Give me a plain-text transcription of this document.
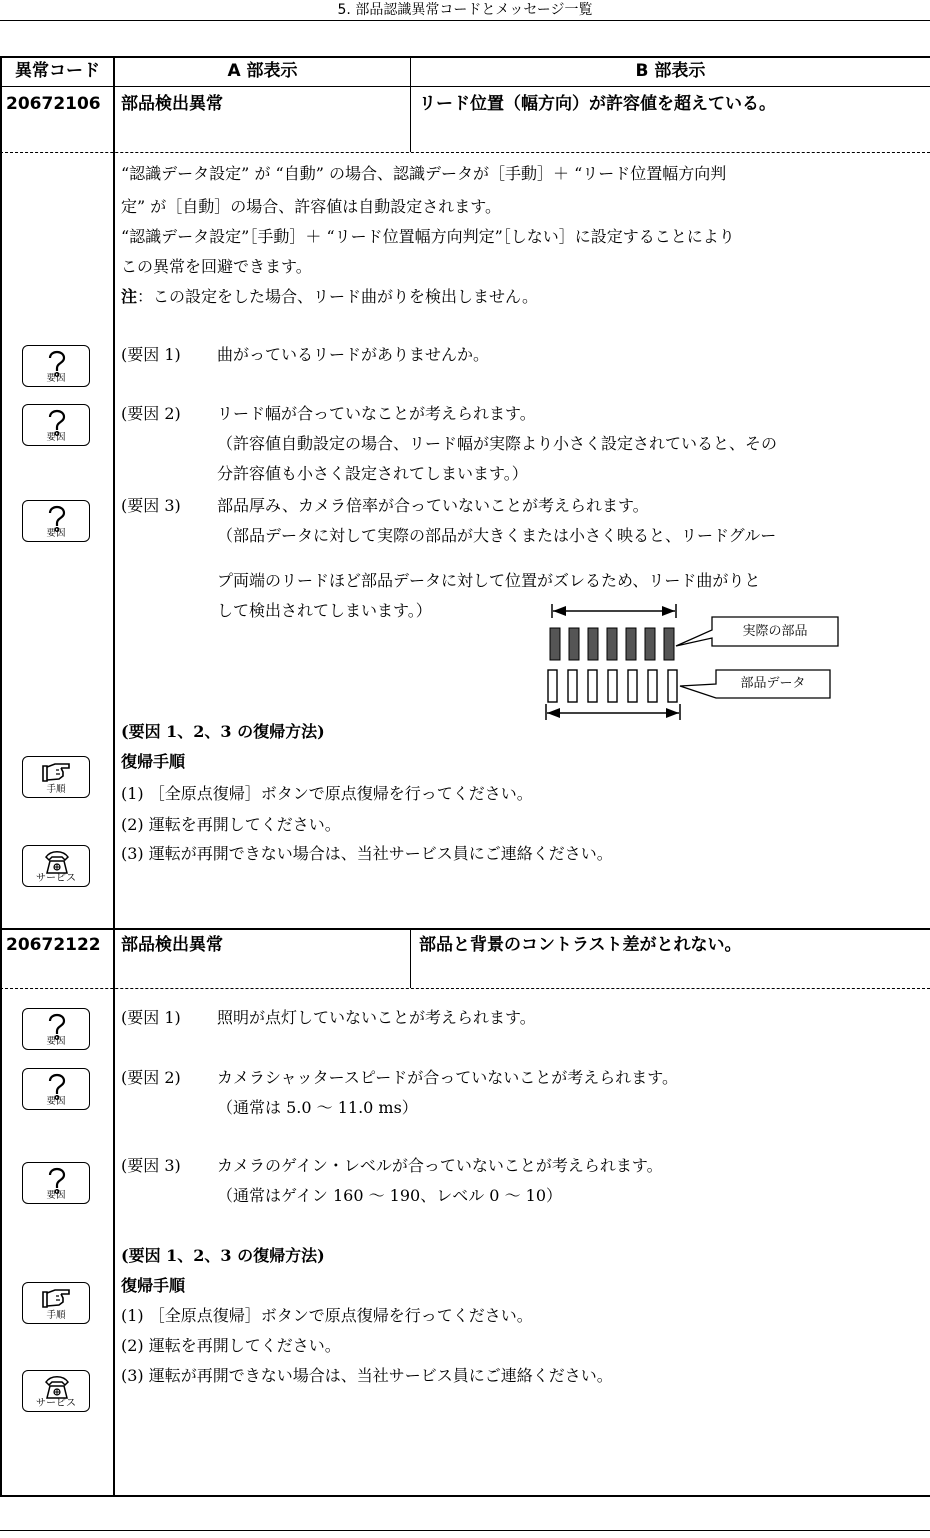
5. 部品認識異常コードとメッセージ一覧
異常コード	A 部表示	B 部表示
20672106 部品検出異常	リード位置（幅方向）が許容値を超えている。
“認識データ設定” が “自動” の場合、認識データが［手動］＋ “リード位置幅方向判
定” が［自動］の場合、許容値は自動設定されます。
“認識データ設定”［手動］＋ “リード位置幅方向判定”［しない］に設定することにより
この異常を回避できます。
注：この設定をした場合、リード曲がりを検出しません。
(要因 1) 曲がっているリードがありませんか。
(要因 2) リード幅が合っていなことが考えられます。
（許容値自動設定の場合、リード幅が実際より小さく設定されていると、その
分許容値も小さく設定されてしまいます。）
(要因 3) 部品厚み、カメラ倍率が合っていないことが考えられます。
（部品データに対して実際の部品が大きくまたは小さく映ると、リードグルー
プ両端のリードほど部品データに対して位置がズレるため、リード曲がりと
して検出されてしまいます。）
実際の部品
部品データ
(要因 1、2、3 の復帰方法)
復帰手順
(1) ［全原点復帰］ボタンで原点復帰を行ってください。
(2) 運転を再開してください。
(3) 運転が再開できない場合は、当社サービス員にご連絡ください。
20672122 部品検出異常	部品と背景のコントラスト差がとれない。
(要因 1) 照明が点灯していないことが考えられます。
(要因 2) カメラシャッタースピードが合っていないことが考えられます。
（通常は 5.0 ～ 11.0 ms）
(要因 3) カメラのゲイン・レベルが合っていないことが考えられます。
（通常はゲイン 160 ～ 190、レベル 0 ～ 10）
(要因 1、2、3 の復帰方法)
復帰手順
(1) ［全原点復帰］ボタンで原点復帰を行ってください。
(2) 運転を再開してください。
(3) 運転が再開できない場合は、当社サービス員にご連絡ください。
要因
要因
要因
要因
要因
要因
手順
手順
サービス
サービス
